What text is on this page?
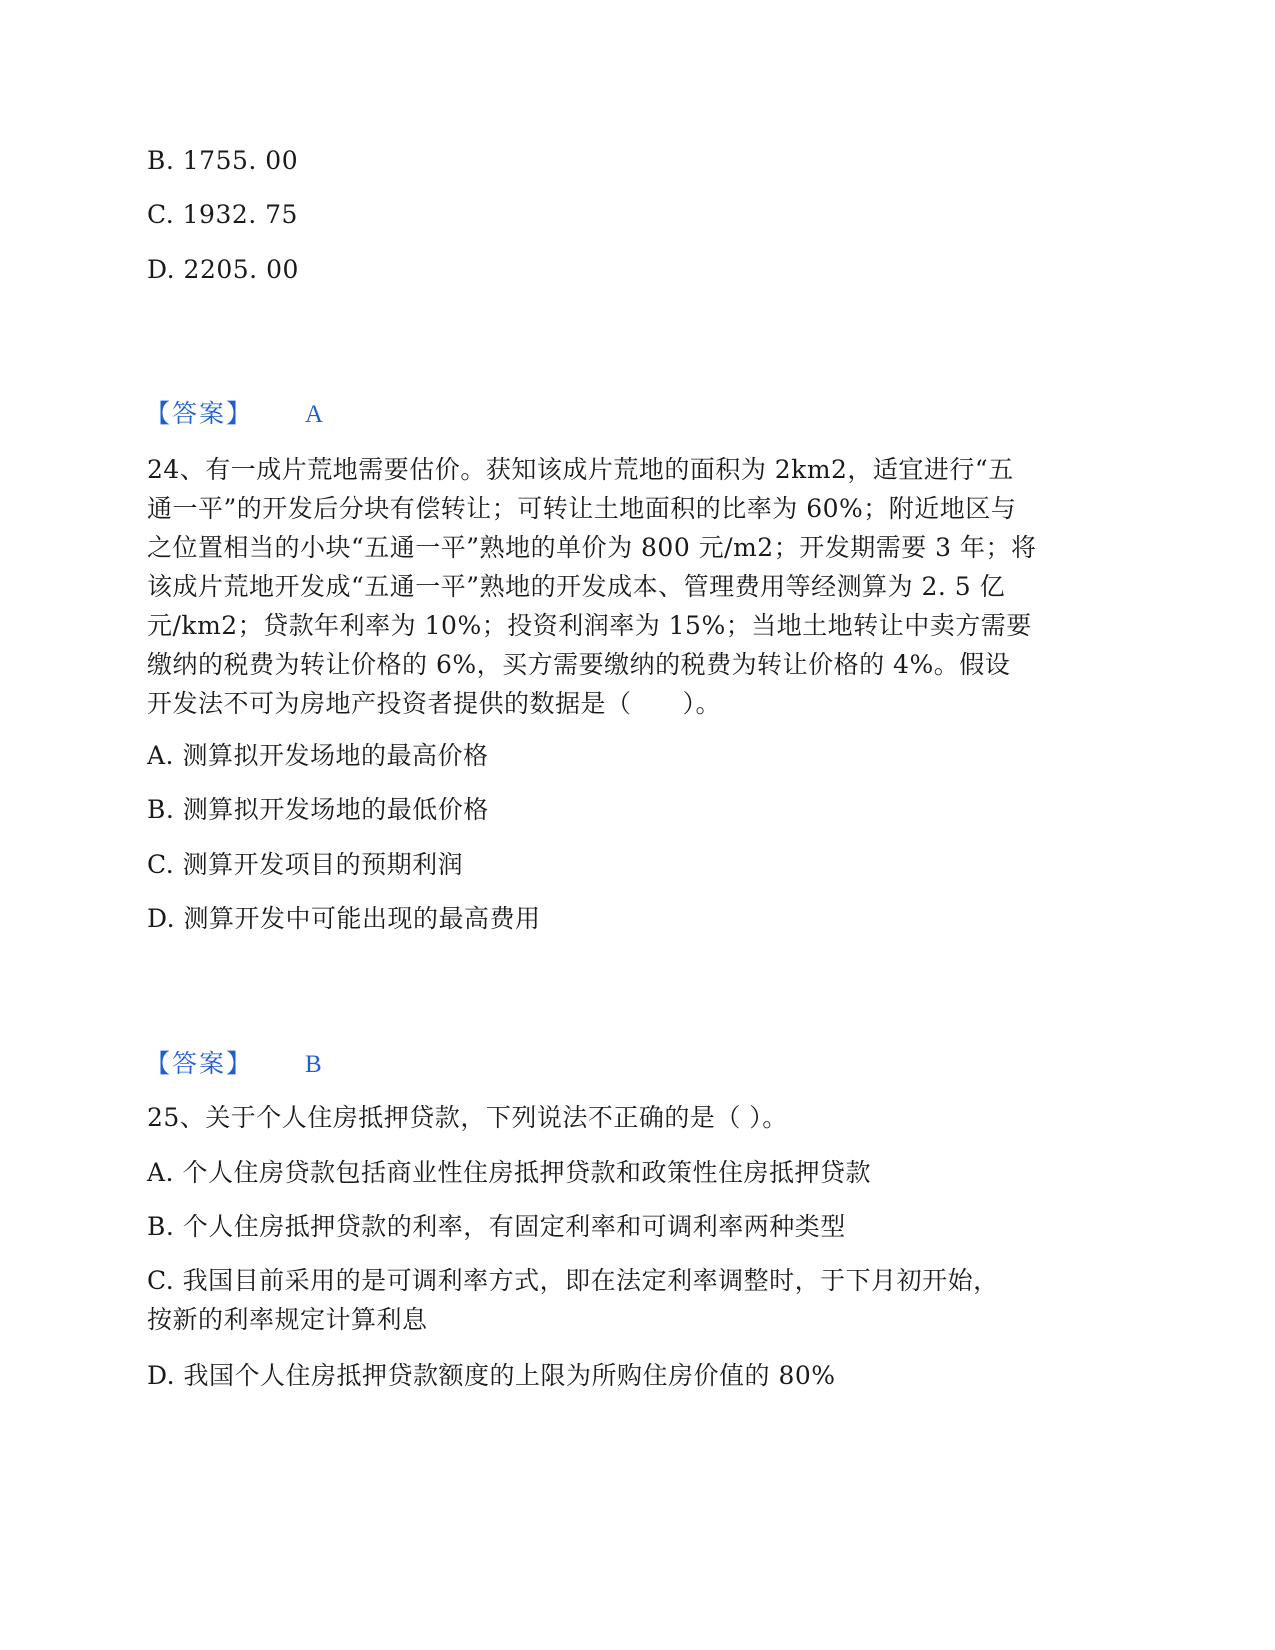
B. 1755. 00
C. 1932. 75
D. 2205. 00
【答案】 A
24、有一成片荒地需要估价。获知该成片荒地的面积为 2km2，适宜进行“五
通一平”的开发后分块有偿转让；可转让土地面积的比率为 60%；附近地区与
之位置相当的小块“五通一平”熟地的单价为 800 元/m2；开发期需要 3 年；将
该成片荒地开发成“五通一平”熟地的开发成本、管理费用等经测算为 2. 5 亿
元/km2；贷款年利率为 10%；投资利润率为 15%；当地土地转让中卖方需要
缴纳的税费为转让价格的 6%，买方需要缴纳的税费为转让价格的 4%。假设
开发法不可为房地产投资者提供的数据是（　　）。
A. 测算拟开发场地的最高价格
B. 测算拟开发场地的最低价格
C. 测算开发项目的预期利润
D. 测算开发中可能出现的最高费用
【答案】 B
25、关于个人住房抵押贷款，下列说法不正确的是（ ）。
A. 个人住房贷款包括商业性住房抵押贷款和政策性住房抵押贷款
B. 个人住房抵押贷款的利率，有固定利率和可调利率两种类型
C. 我国目前采用的是可调利率方式，即在法定利率调整时，于下月初开始，
按新的利率规定计算利息
D. 我国个人住房抵押贷款额度的上限为所购住房价值的 80%
